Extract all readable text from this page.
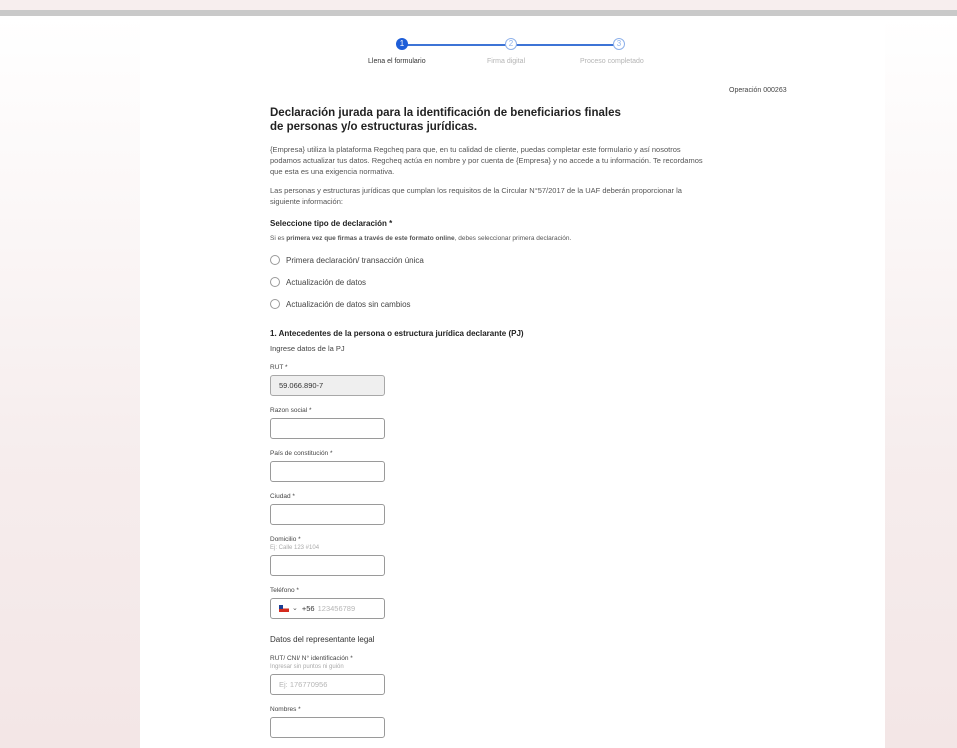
1	2	3
Llena el formulario	Firma digital	Proceso completado
Operación 000263
Declaración jurada para la identificación de beneficiarios finales de personas y/o estructuras jurídicas.

{Empresa} utiliza la plataforma Regcheq para que, en tu calidad de cliente, puedas completar este formulario y así nosotros podamos actualizar tus datos. Regcheq actúa en nombre y por cuenta de {Empresa} y no accede a tu información. Te recordamos que esta es una exigencia normativa.

Las personas y estructuras jurídicas que cumplan los requisitos de la Circular N°57/2017 de la UAF deberán proporcionar la siguiente información:

Seleccione tipo de declaración *
Si es primera vez que firmas a través de este formato online, debes seleccionar primera declaración.
Primera declaración/ transacción única
Actualización de datos
Actualización de datos sin cambios
1. Antecedentes de la persona o estructura jurídica declarante (PJ)
Ingrese datos de la PJ
RUT *
59.066.890-7
Razon social *
País de constitución *
Ciudad *
Domicilio *
Ej: Calle 123 #104
Teléfono *
⌄ +56 123456789
Datos del representante legal
RUT/ CNI/ N° identificación *
Ingresar sin puntos ni guión
Ej: 176770956
Nombres *
